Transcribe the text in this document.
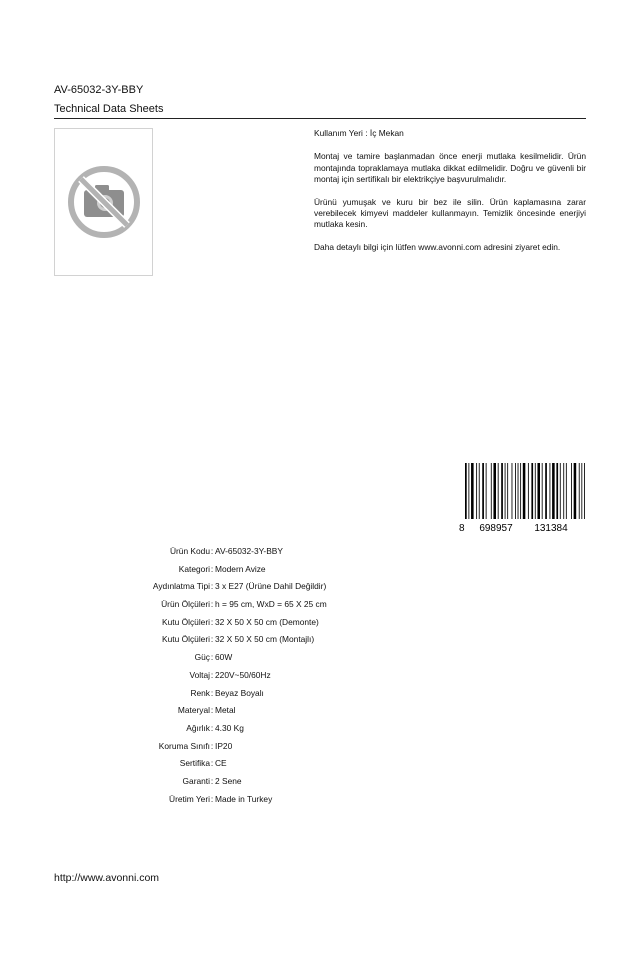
AV-65032-3Y-BBY
Technical Data Sheets

Kullanım Yeri : İç Mekan

Montaj ve tamire başlanmadan önce enerji mutlaka kesilmelidir. Ürün montajında topraklamaya mutlaka dikkat edilmelidir. Doğru ve güvenli bir montaj için sertifikalı bir elektrikçiye başvurulmalıdır.

Ürünü yumuşak ve kuru bir bez ile silin. Ürün kaplamasına zarar verebilecek kimyevi maddeler kullanmayın. Temizlik öncesinde enerjiyi mutlaka kesin.

Daha detaylı bilgi için lütfen www.avonni.com adresini ziyaret edin.

8 698957 131384
Ürün Kodu : AV-65032-3Y-BBY
Kategori : Modern Avize
Aydınlatma Tipi : 3 x E27 (Ürüne Dahil Değildir)
Ürün Ölçüleri : h = 95 cm, WxD = 65 X 25 cm
Kutu Ölçüleri : 32 X 50 X 50 cm (Demonte)
Kutu Ölçüleri : 32 X 50 X 50 cm (Montajlı)
Güç : 60W
Voltaj : 220V~50/60Hz
Renk : Beyaz Boyalı
Materyal : Metal
Ağırlık : 4.30 Kg
Koruma Sınıfı : IP20
Sertifika : CE
Garanti : 2 Sene
Üretim Yeri : Made in Turkey
http://www.avonni.com
